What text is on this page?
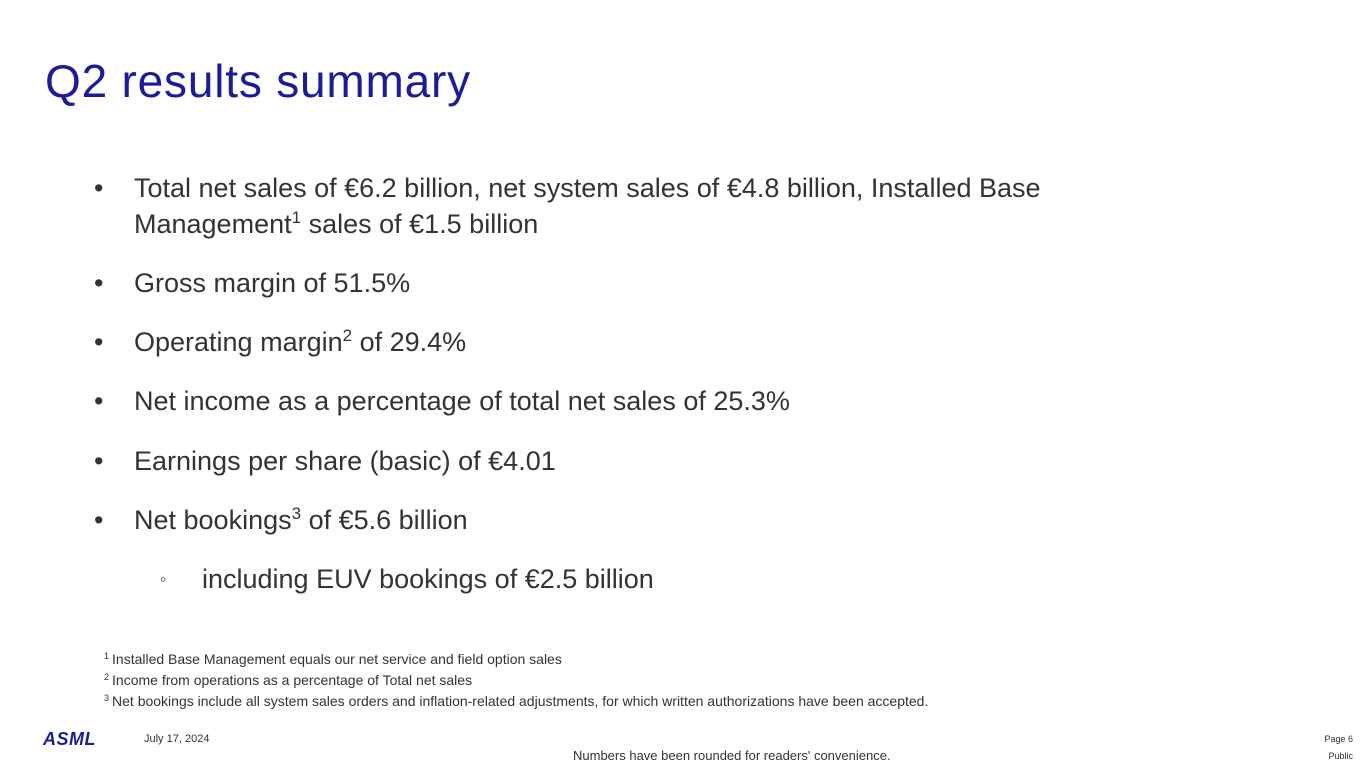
Q2 results summary
•	Total net sales of €6.2 billion, net system sales of €4.8 billion, Installed Base
Management$^1$ sales of €1.5 billion
•	Gross margin of 51.5%
•	Operating margin$^2$ of 29.4%
•	Net income as a percentage of total net sales of 25.3%
•	Earnings per share (basic) of €4.01
•	Net bookings$^3$ of €5.6 billion
◦ including EUV bookings of €2.5 billion
$^1$ Installed Base Management equals our net service and field option sales
$^2$ Income from operations as a percentage of Total net sales
$^3$ Net bookings include all system sales orders and inflation-related adjustments, for which written authorizations have been accepted.
ASML	July 17, 2024
Numbers have been rounded for readers' convenience.
Page 6
Public
